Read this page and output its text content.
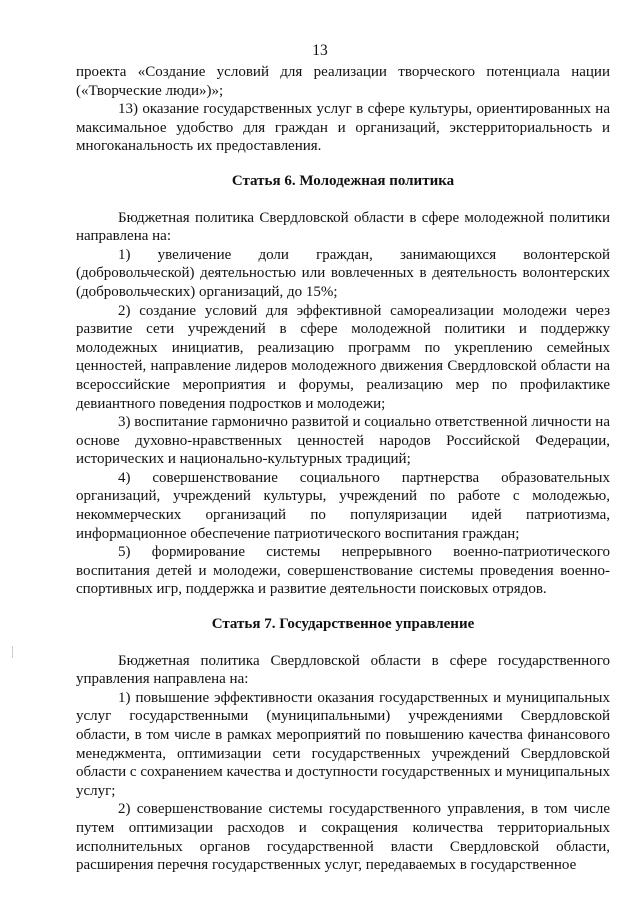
13

проекта «Создание условий для реализации творческого потенциала нации («Творческие люди»)»;

13) оказание государственных услуг в сфере культуры, ориентированных на максимальное удобство для граждан и организаций, экстерриториальность и многоканальность их предоставления.

Статья 6. Молодежная политика

Бюджетная политика Свердловской области в сфере молодежной политики направлена на:

1) увеличение доли граждан, занимающихся волонтерской (добровольческой) деятельностью или вовлеченных в деятельность волонтерских (добровольческих) организаций, до 15%;

2) создание условий для эффективной самореализации молодежи через развитие сети учреждений в сфере молодежной политики и поддержку молодежных инициатив, реализацию программ по укреплению семейных ценностей, направление лидеров молодежного движения Свердловской области на всероссийские мероприятия и форумы, реализацию мер по профилактике девиантного поведения подростков и молодежи;

3) воспитание гармонично развитой и социально ответственной личности на основе духовно-нравственных ценностей народов Российской Федерации, исторических и национально-культурных традиций;

4) совершенствование социального партнерства образовательных организаций, учреждений культуры, учреждений по работе с молодежью, некоммерческих организаций по популяризации идей патриотизма, информационное обеспечение патриотического воспитания граждан;

5) формирование системы непрерывного военно-патриотического воспитания детей и молодежи, совершенствование системы проведения военно-спортивных игр, поддержка и развитие деятельности поисковых отрядов.

Статья 7. Государственное управление

Бюджетная политика Свердловской области в сфере государственного управления направлена на:

1) повышение эффективности оказания государственных и муниципальных услуг государственными (муниципальными) учреждениями Свердловской области, в том числе в рамках мероприятий по повышению качества финансового менеджмента, оптимизации сети государственных учреждений Свердловской области с сохранением качества и доступности государственных и муниципальных услуг;

2) совершенствование системы государственного управления, в том числе путем оптимизации расходов и сокращения количества территориальных исполнительных органов государственной власти Свердловской области, расширения перечня государственных услуг, передаваемых в государственное
